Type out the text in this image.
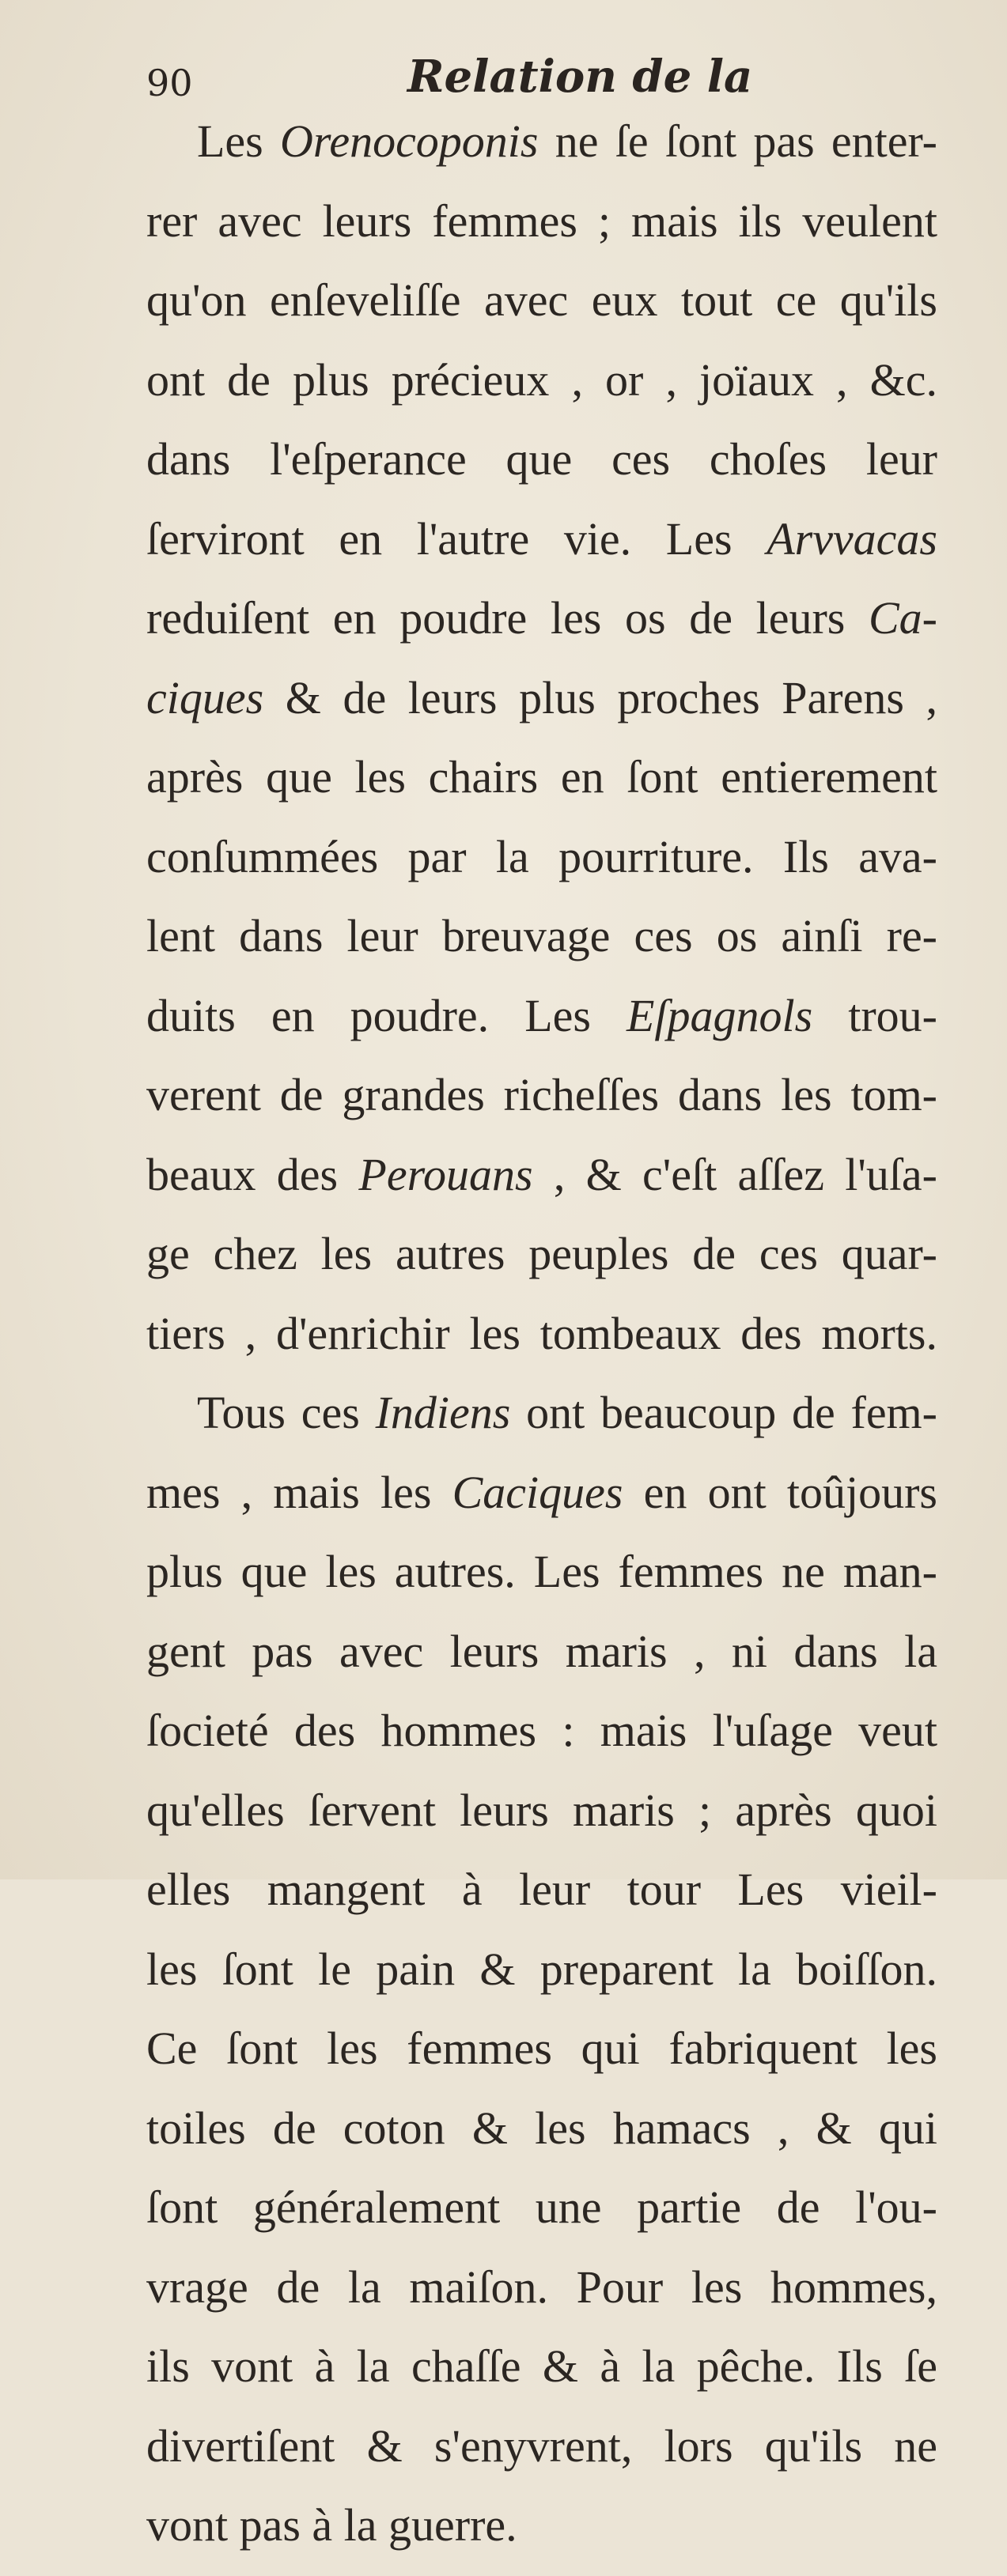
90	Relation de la
Les Orenocoponis ne ſe ſont pas enter-
rer avec leurs femmes ; mais ils veulent
qu'on enſeveliſſe avec eux tout ce qu'ils
ont de plus précieux , or , joïaux , &c.
dans l'eſperance que ces choſes leur
ſerviront en l'autre vie. Les Arvvacas
reduiſent en poudre les os de leurs Ca-
ciques & de leurs plus proches Parens ,
après que les chairs en ſont entierement
conſummées par la pourriture. Ils ava-
lent dans leur breuvage ces os ainſi re-
duits en poudre. Les Eſpagnols trou-
verent de grandes richeſſes dans les tom-
beaux des Perouans , & c'eſt aſſez l'uſa-
ge chez les autres peuples de ces quar-
tiers , d'enrichir les tombeaux des morts.
Tous ces Indiens ont beaucoup de fem-
mes , mais les Caciques en ont toûjours
plus que les autres. Les femmes ne man-
gent pas avec leurs maris , ni dans la
ſocieté des hommes : mais l'uſage veut
qu'elles ſervent leurs maris ; après quoi
elles mangent à leur tour Les vieil-
les ſont le pain & preparent la boiſſon.
Ce ſont les femmes qui fabriquent les
toiles de coton & les hamacs , & qui
ſont généralement une partie de l'ou-
vrage de la maiſon. Pour les hommes,
ils vont à la chaſſe & à la pêche. Ils ſe
divertiſent & s'enyvrent, lors qu'ils ne
vont pas à la guerre.
